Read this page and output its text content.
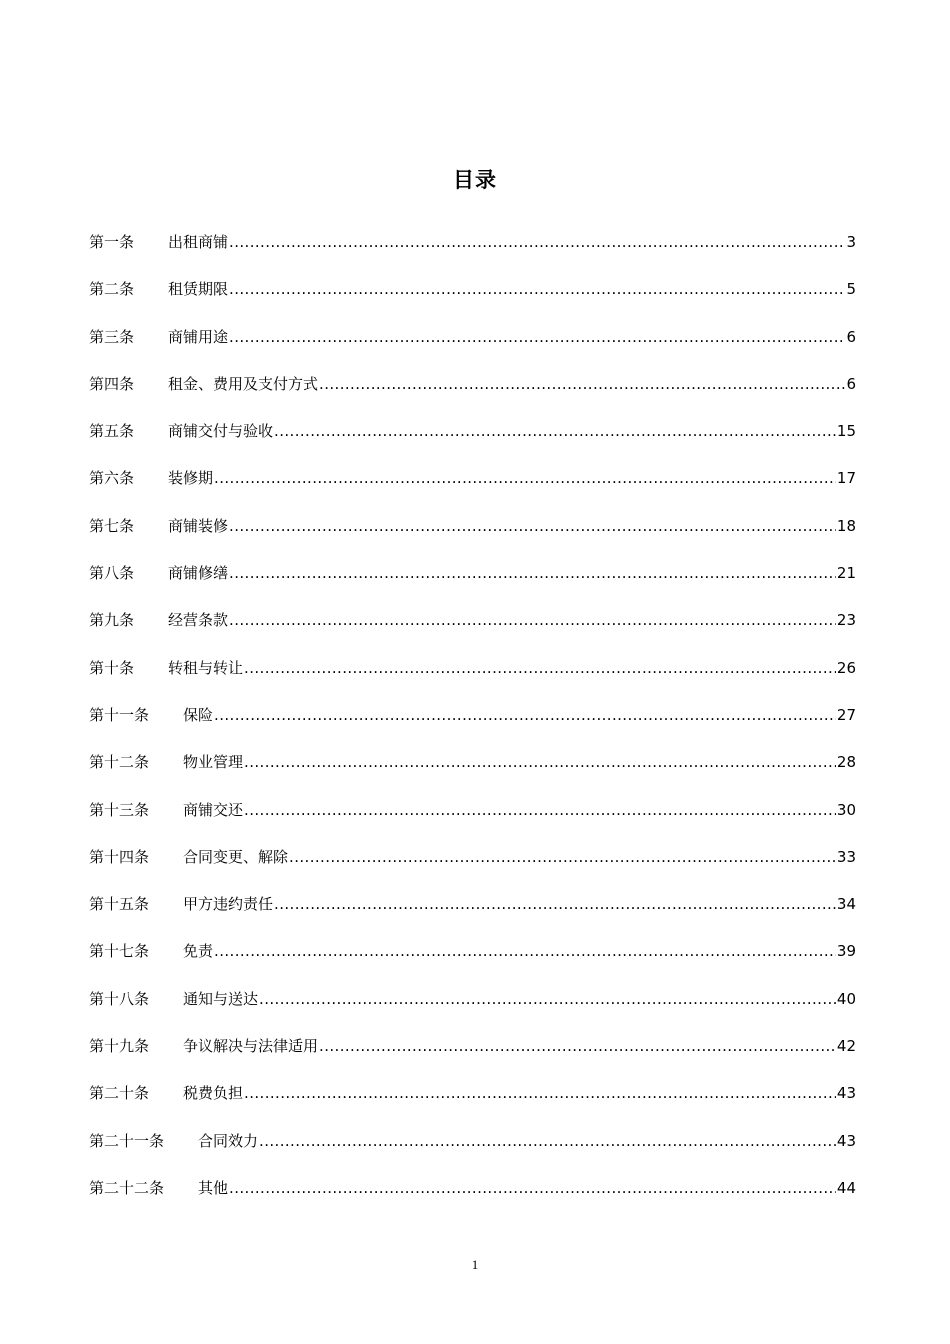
目录
第一条 出租商铺 .....	3
第二条 租赁期限 .....	5
第三条 商铺用途 .....	6
第四条 租金、费用及支付方式 .....	6
第五条 商铺交付与验收 .....	15
第六条 装修期 .....	17
第七条 商铺装修 .....	18
第八条 商铺修缮 .....	21
第九条 经营条款 .....	23
第十条 转租与转让 .....	26
第十一条 保险 .....	27
第十二条 物业管理 .....	28
第十三条 商铺交还 .....	30
第十四条 合同变更、解除 .....	33
第十五条 甲方违约责任 .....	34
第十七条 免责 .....	39
第十八条 通知与送达 .....	40
第十九条 争议解决与法律适用 .....	42
第二十条 税费负担 .....	43
第二十一条 合同效力 .....	43
第二十二条 其他 .....	44
1
